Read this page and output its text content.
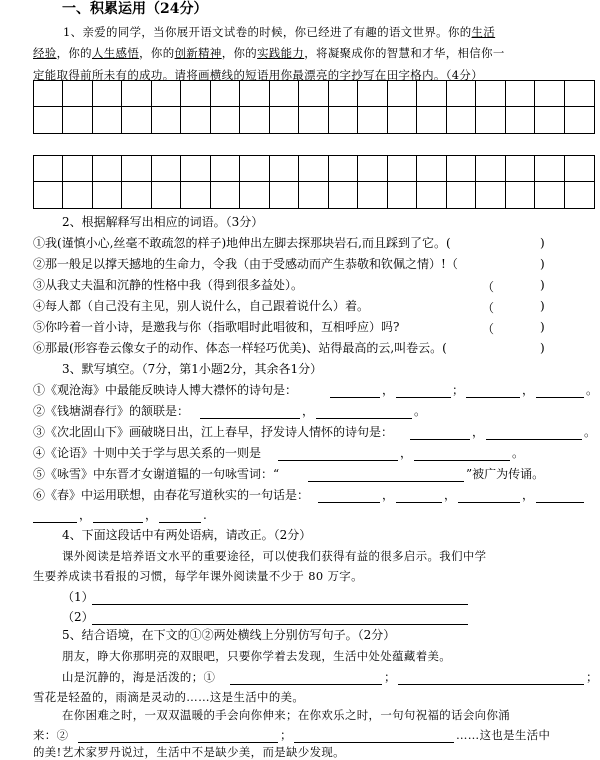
一、积累运用（24分）
1、亲爱的同学，当你展开语文试卷的时候，你已经进了有趣的语文世界。你的生活
经验，你的人生感悟，你的创新精神，你的实践能力，将凝聚成你的智慧和才华，相信你一
定能取得前所未有的成功。请将画横线的短语用你最漂亮的字抄写在田字格内。（4分）
2、根据解释写出相应的词语。（3分）
①我(谨慎小心,丝毫不敢疏忽的样子)地伸出左脚去探那块岩石,而且踩到了它。(	)
②那一般足以撑天撼地的生命力，令我（由于受感动而产生恭敬和钦佩之情）!（	)
③从我丈夫温和沉静的性格中我（得到很多益处）。	（	)
④每人都（自己没有主见，别人说什么，自己跟着说什么）着。	（	)
⑤你吟着一首小诗，是邀我与你（指歌唱时此唱彼和，互相呼应）吗?	（	)
⑥那最(形容卷云像女子的动作、体态一样轻巧优美)、站得最高的云,叫卷云。(	)
3、默写填空。（7分，第1小题2分，其余各1分）
①《观沧海》中最能反映诗人博大襟怀的诗句是：	，	；	，	。
②《钱塘湖春行》的颔联是：	，	。
③《次北固山下》画破晓日出，江上春早，抒发诗人情怀的诗句是：	，	。
④《论语》十则中关于学与思关系的一则是	，	。
⑤《咏雪》中东晋才女谢道韫的一句咏雪词：“	”被广为传诵。
⑥《春》中运用联想，由春花写道秋实的一句话是：	，	，	，
，	，	.
4、下面这段话中有两处语病，请改正。（2分）
课外阅读是培养语文水平的重要途径，可以使我们获得有益的很多启示。我们中学
生要养成读书看报的习惯，每学年课外阅读量不少于 80 万字。
（1）
（2）
5、结合语境，在下文的①②两处横线上分别仿写句子。（2分）
朋友，睁大你那明亮的双眼吧，只要你学着去发现，生活中处处蕴藏着美。
山是沉静的，海是活泼的；①	；	；
雪花是轻盈的，雨滴是灵动的……这是生活中的美。
在你困难之时，一双双温暖的手会向你伸来；在你欢乐之时，一句句祝福的话会向你涌
来：②	；	……这也是生活中
的美! 艺术家罗丹说过，生活中不是缺少美，而是缺少发现。
